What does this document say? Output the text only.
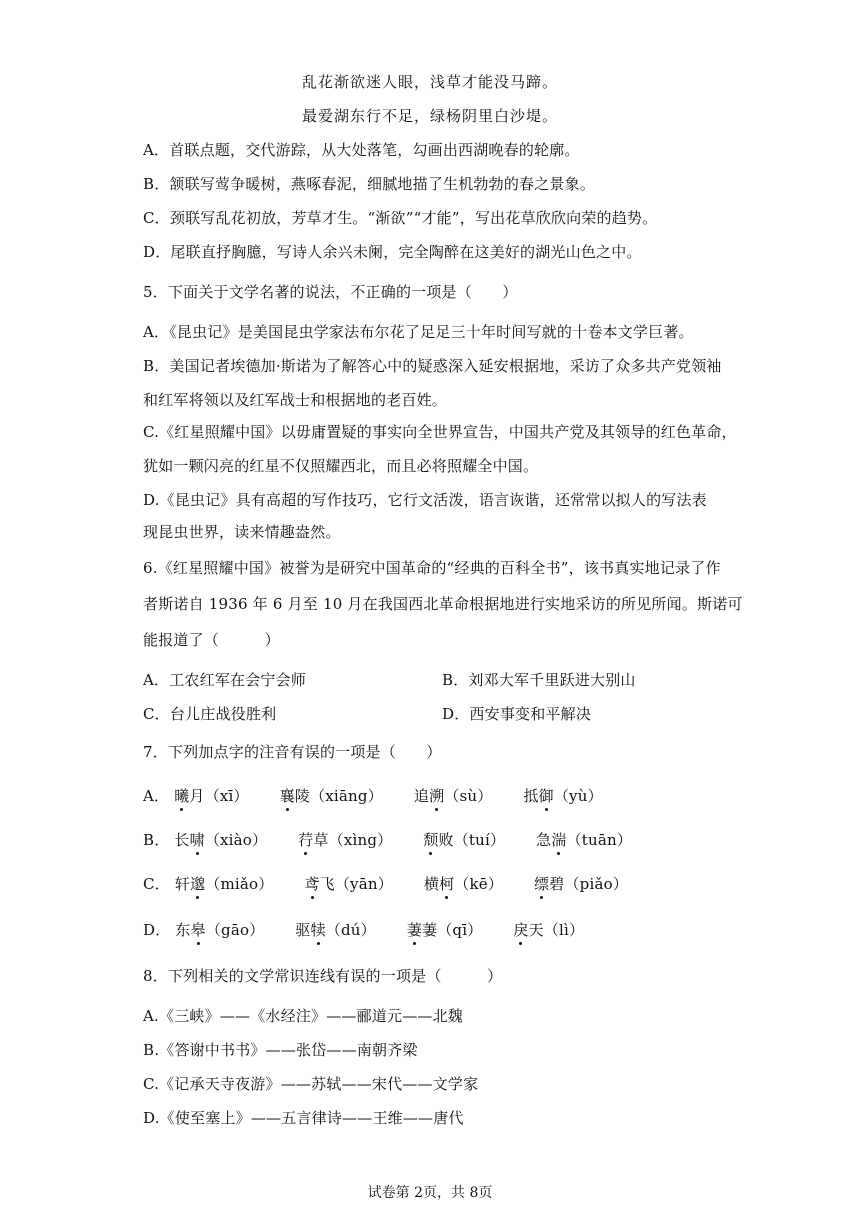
乱花渐欲迷人眼，浅草才能没马蹄。
最爱湖东行不足，绿杨阴里白沙堤。
A．首联点题，交代游踪，从大处落笔，勾画出西湖晚春的轮廓。
B．颔联写莺争暖树，燕啄春泥，细腻地描了生机勃勃的春之景象。
C．颈联写乱花初放，芳草才生。“渐欲”“才能”，写出花草欣欣向荣的趋势。
D．尾联直抒胸臆，写诗人余兴未阑，完全陶醉在这美好的湖光山色之中。
5．下面关于文学名著的说法，不正确的一项是（　　）
A．《昆虫记》是美国昆虫学家法布尔花了足足三十年时间写就的十卷本文学巨著。
B．美国记者埃德加·斯诺为了解答心中的疑惑深入延安根据地，采访了众多共产党领袖
和红军将领以及红军战士和根据地的老百姓。
C.《红星照耀中国》以毋庸置疑的事实向全世界宣告，中国共产党及其领导的红色革命，
犹如一颗闪亮的红星不仅照耀西北，而且必将照耀全中国。
D.《昆虫记》具有高超的写作技巧，它行文活泼，语言诙谐，还常常以拟人的写法表
现昆虫世界，读来情趣盎然。
6.《红星照耀中国》被誉为是研究中国革命的“经典的百科全书”，该书真实地记录了作
者斯诺自 1936 年 6 月至 10 月在我国西北革命根据地进行实地采访的所见所闻。斯诺可
能报道了（　　　）
A．工农红军在会宁会师	B．刘邓大军千里跃进大别山
C．台儿庄战役胜利	D．西安事变和平解决
7．下列加点字的注音有误的一项是（　　）
A． 曦月（xī） 襄陵（xiāng） 追溯（sù） 抵御（yù）
B． 长啸（xiào） 荇草（xìng） 颓败（tuí） 急湍（tuān）
C． 轩邈（miǎo） 鸢飞（yān） 横柯（kē） 缥碧（piǎo）
D． 东皋（gāo） 驱犊（dú） 萋萋（qī） 戾天（lì）
8．下列相关的文学常识连线有误的一项是（　　　）
A.《三峡》——《水经注》——郦道元——北魏
B.《答谢中书书》——张岱——南朝齐梁
C.《记承天寺夜游》——苏轼——宋代——文学家
D.《使至塞上》——五言律诗——王维——唐代
试卷第 2页，共 8页
